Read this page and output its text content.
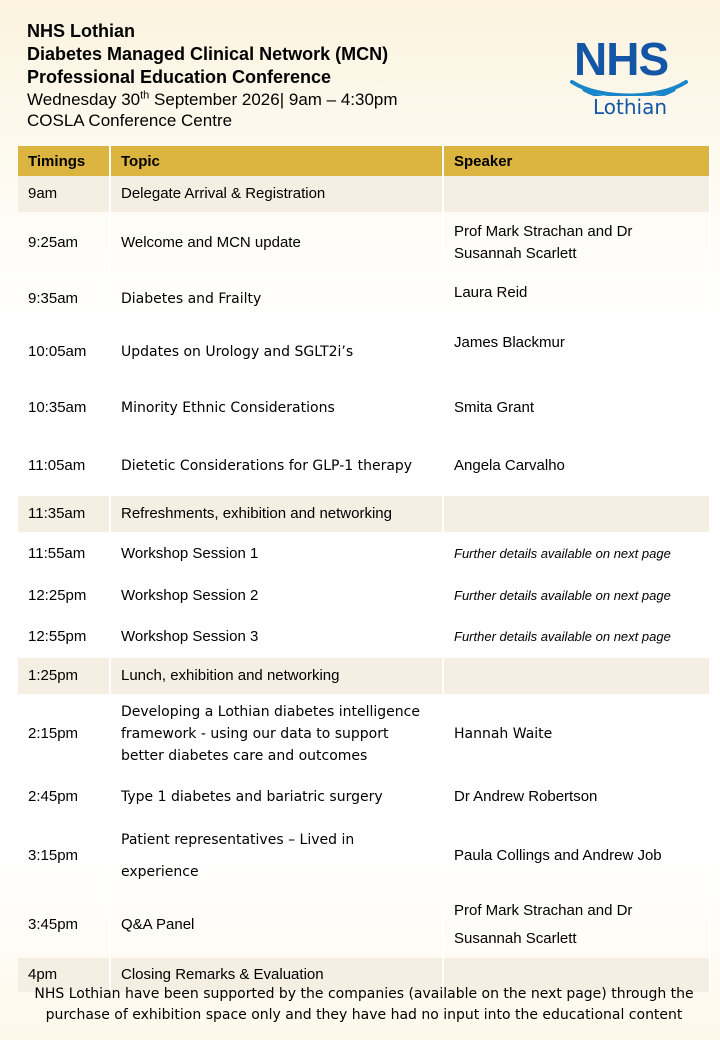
NHS Lothian
Diabetes Managed Clinical Network (MCN)
Professional Education Conference
Wednesday 30th September 2026| 9am – 4:30pm
COSLA Conference Centre
NHS
Lothian
Timings	Topic	Speaker
9am	Delegate Arrival & Registration	
9:25am	Welcome and MCN update	Prof Mark Strachan and Dr Susannah Scarlett
9:35am	Diabetes and Frailty	Laura Reid
10:05am	Updates on Urology and SGLT2i’s	James Blackmur
10:35am	Minority Ethnic Considerations	Smita Grant
11:05am	Dietetic Considerations for GLP-1 therapy	Angela Carvalho
11:35am	Refreshments, exhibition and networking	
11:55am	Workshop Session 1	Further details available on next page
12:25pm	Workshop Session 2	Further details available on next page
12:55pm	Workshop Session 3	Further details available on next page
1:25pm	Lunch, exhibition and networking	
2:15pm	Developing a Lothian diabetes intelligence framework - using our data to support better diabetes care and outcomes	Hannah Waite
2:45pm	Type 1 diabetes and bariatric surgery	Dr Andrew Robertson
3:15pm	Patient representatives – Lived in
experience	Paula Collings and Andrew Job
3:45pm	Q&A Panel	Prof Mark Strachan and Dr
Susannah Scarlett

4pm	Closing Remarks & Evaluation	
NHS Lothian have been supported by the companies (available on the next page) through the purchase of exhibition space only and they have had no input into the educational content
